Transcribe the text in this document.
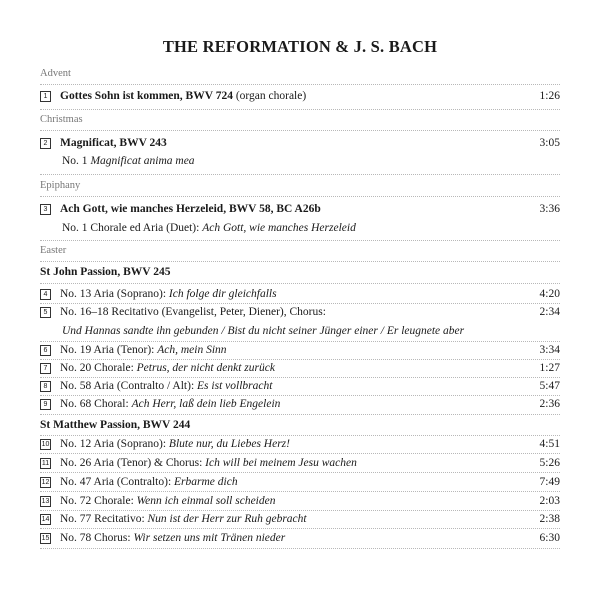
THE REFORMATION & J. S. BACH
Advent
1 Gottes Sohn ist kommen, BWV 724 (organ chorale)	1:26
Christmas
2 Magnificat, BWV 243	3:05
No. 1 Magnificat anima mea
Epiphany
3 Ach Gott, wie manches Herzeleid, BWV 58, BC A26b	3:36
No. 1 Chorale ed Aria (Duet): Ach Gott, wie manches Herzeleid
Easter
St John Passion, BWV 245
4 No. 13 Aria (Soprano): Ich folge dir gleichfalls	4:20
5 No. 16–18 Recitativo (Evangelist, Peter, Diener), Chorus:	2:34
Und Hannas sandte ihn gebunden / Bist du nicht seiner Jünger einer / Er leugnete aber
6 No. 19 Aria (Tenor): Ach, mein Sinn	3:34
7 No. 20 Chorale: Petrus, der nicht denkt zurück	1:27
8 No. 58 Aria (Contralto / Alt): Es ist vollbracht	5:47
9 No. 68 Choral: Ach Herr, laß dein lieb Engelein	2:36
St Matthew Passion, BWV 244
10 No. 12 Aria (Soprano): Blute nur, du Liebes Herz!	4:51
11 No. 26 Aria (Tenor) & Chorus: Ich will bei meinem Jesu wachen	5:26
12 No. 47 Aria (Contralto): Erbarme dich	7:49
13 No. 72 Chorale: Wenn ich einmal soll scheiden	2:03
14 No. 77 Recitativo: Nun ist der Herr zur Ruh gebracht	2:38
15 No. 78 Chorus: Wir setzen uns mit Tränen nieder	6:30
